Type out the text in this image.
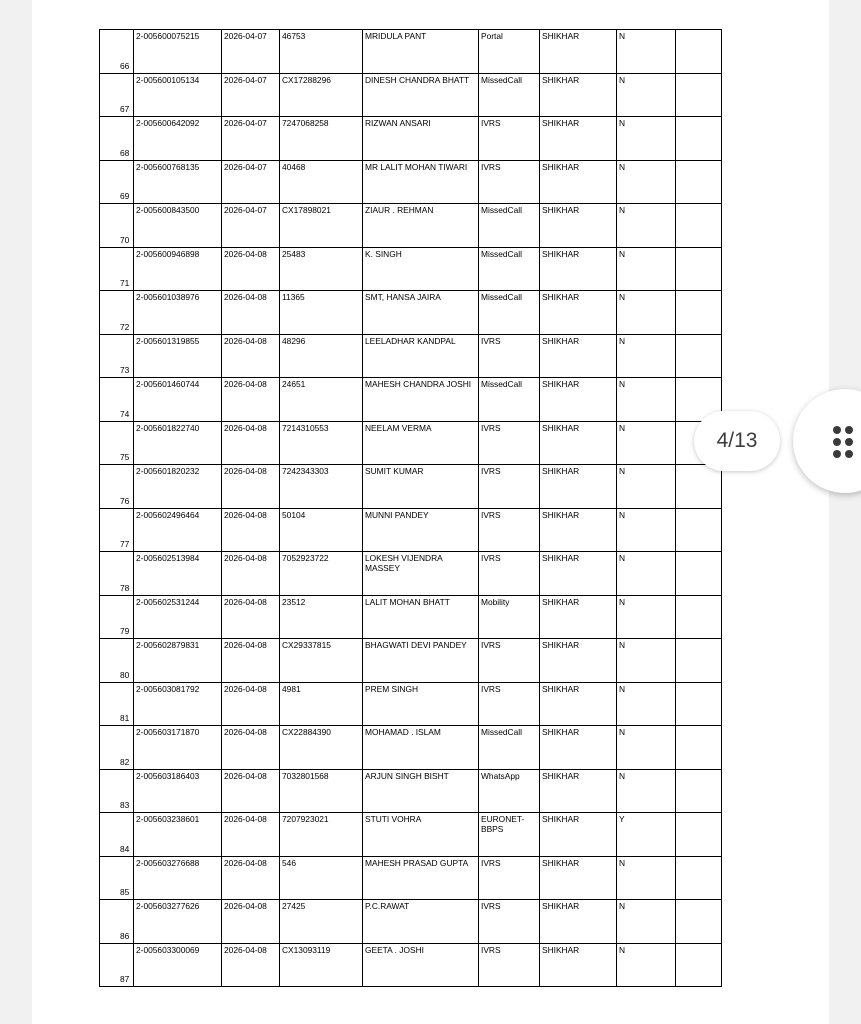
66	2-005600075215	2026-04-07	46753	MRIDULA PANT	Portal	SHIKHAR	N	

67	2-005600105134	2026-04-07	CX17288296	DINESH CHANDRA BHATT	MissedCall	SHIKHAR	N	

68	2-005600642092	2026-04-07	7247068258	RIZWAN ANSARI	IVRS	SHIKHAR	N	

69	2-005600768135	2026-04-07	40468	MR LALIT MOHAN TIWARI	IVRS	SHIKHAR	N	

70	2-005600843500	2026-04-07	CX17898021	ZIAUR . REHMAN	MissedCall	SHIKHAR	N	

71	2-005600946898	2026-04-08	25483	K. SINGH	MissedCall	SHIKHAR	N	

72	2-005601038976	2026-04-08	11365	SMT, HANSA JAIRA	MissedCall	SHIKHAR	N	

73	2-005601319855	2026-04-08	48296	LEELADHAR KANDPAL	IVRS	SHIKHAR	N	

74	2-005601460744	2026-04-08	24651	MAHESH CHANDRA JOSHI	MissedCall	SHIKHAR	N	

75	2-005601822740	2026-04-08	7214310553	NEELAM VERMA	IVRS	SHIKHAR	N	

76	2-005601820232	2026-04-08	7242343303	SUMIT KUMAR	IVRS	SHIKHAR	N	

77	2-005602496464	2026-04-08	50104	MUNNI PANDEY	IVRS	SHIKHAR	N	

78	2-005602513984	2026-04-08	7052923722	LOKESH VIJENDRA MASSEY	IVRS	SHIKHAR	N	

79	2-005602531244	2026-04-08	23512	LALIT MOHAN BHATT	Mobility	SHIKHAR	N	

80	2-005602879831	2026-04-08	CX29337815	BHAGWATI DEVI PANDEY	IVRS	SHIKHAR	N	

81	2-005603081792	2026-04-08	4981	PREM SINGH	IVRS	SHIKHAR	N	

82	2-005603171870	2026-04-08	CX22884390	MOHAMAD . ISLAM	MissedCall	SHIKHAR	N	

83	2-005603186403	2026-04-08	7032801568	ARJUN SINGH BISHT	WhatsApp	SHIKHAR	N	

84	2-005603238601	2026-04-08	7207923021	STUTI VOHRA	EURONET-BBPS	SHIKHAR	Y	

85	2-005603276688	2026-04-08	546	MAHESH PRASAD GUPTA	IVRS	SHIKHAR	N	

86	2-005603277626	2026-04-08	27425	P.C.RAWAT	IVRS	SHIKHAR	N	

87	2-005603300069	2026-04-08	CX13093119	GEETA . JOSHI	IVRS	SHIKHAR	N	

4/13
